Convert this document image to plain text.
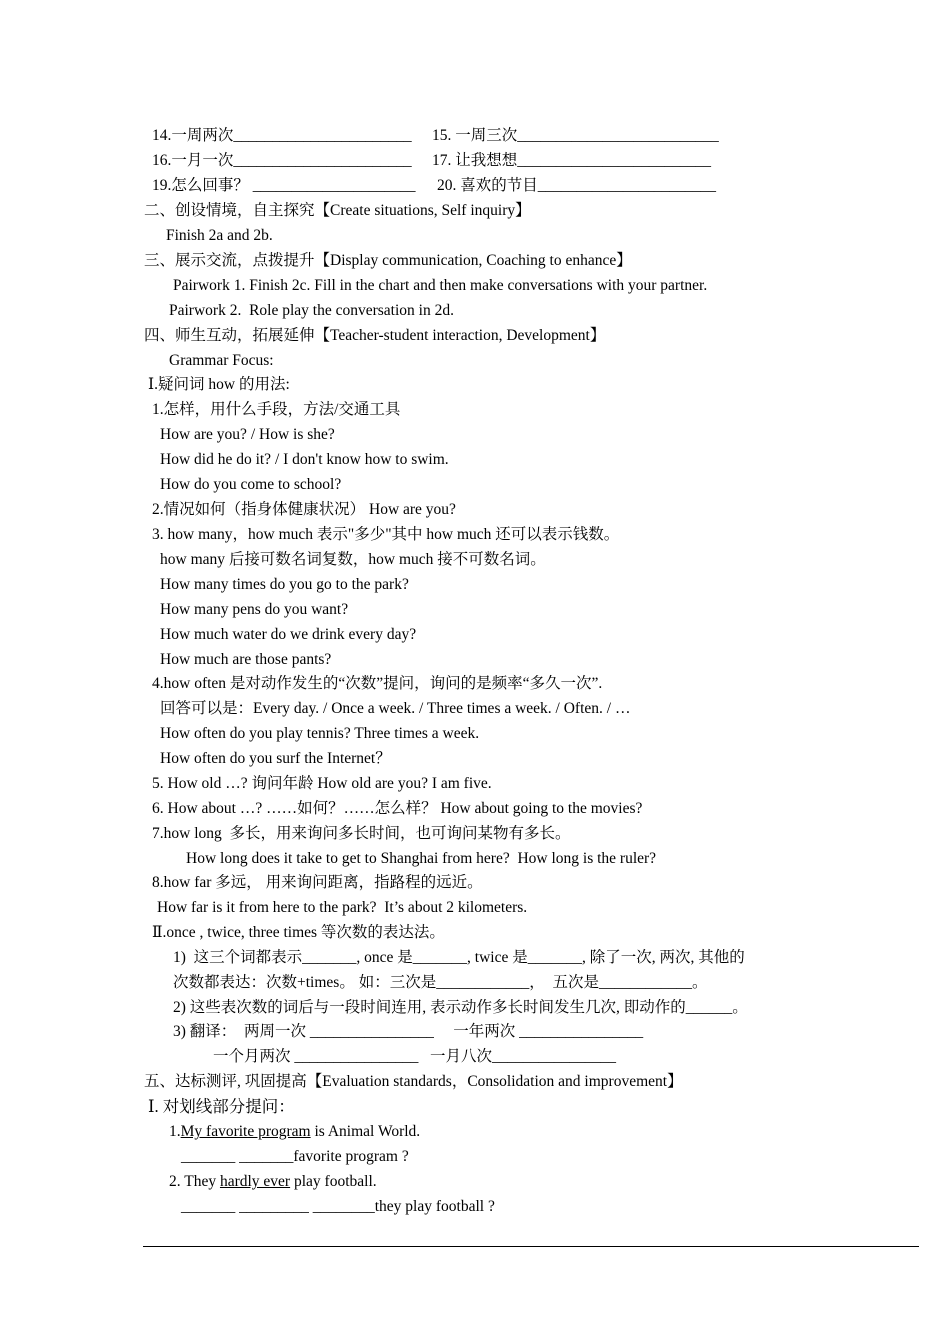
14.一周两次_______________________ 15. 一周三次__________________________
16.一月一次_______________________ 17. 让我想想_________________________
19.怎么回事？ _____________________ 20. 喜欢的节目_______________________
二、创设情境，自主探究【Create situations, Self inquiry】
Finish 2a and 2b.
三、展示交流，点拨提升【Display communication, Coaching to enhance】
Pairwork 1. Finish 2c. Fill in the chart and then make conversations with your partner.
Pairwork 2.  Role play the conversation in 2d.
四、师生互动，拓展延伸【Teacher-student interaction, Development】
Grammar Focus:
Ⅰ.疑问词 how 的用法:
1.怎样，用什么手段，方法/交通工具
How are you? / How is she?
How did he do it? / I don't know how to swim.
How do you come to school?
2.情况如何（指身体健康状况） How are you?
3. how many，how much 表示"多少"其中 how much 还可以表示钱数。
how many 后接可数名词复数，how much 接不可数名词。
How many times do you go to the park?
How many pens do you want?
How much water do we drink every day?
How much are those pants?
4.how often 是对动作发生的“次数”提问，询问的是频率“多久一次”.
回答可以是：Every day. / Once a week. / Three times a week. / Often. / …
How often do you play tennis? Three times a week.
How often do you surf the Internet？
5. How old …? 询问年龄 How old are you? I am five.
6. How about …? ……如何？……怎么样？ How about going to the movies?
7.how long  多长，用来询问多长时间，也可询问某物有多长。
How long does it take to get to Shanghai from here?  How long is the ruler?
8.how far 多远， 用来询问距离，指路程的远近。
How far is it from here to the park?  It’s about 2 kilometers.
Ⅱ.once , twice, three times 等次数的表达法。
1)  这三个词都表示_______, once 是_______, twice 是_______, 除了一次, 两次, 其他的
次数都表达：次数+times。 如：三次是____________，  五次是____________。
2) 这些表次数的词后与一段时间连用, 表示动作多长时间发生几次, 即动作的______。
3) 翻译：  两周一次 ________________     一年两次 ________________
一个月两次 ________________   一月八次________________
五、达标测评, 巩固提高【Evaluation standards，Consolidation and improvement】
Ⅰ. 对划线部分提问：
1.My favorite program is Animal World.
_______ _______favorite program ?
2. They hardly ever play football.
_______ _________ ________they play football ?
